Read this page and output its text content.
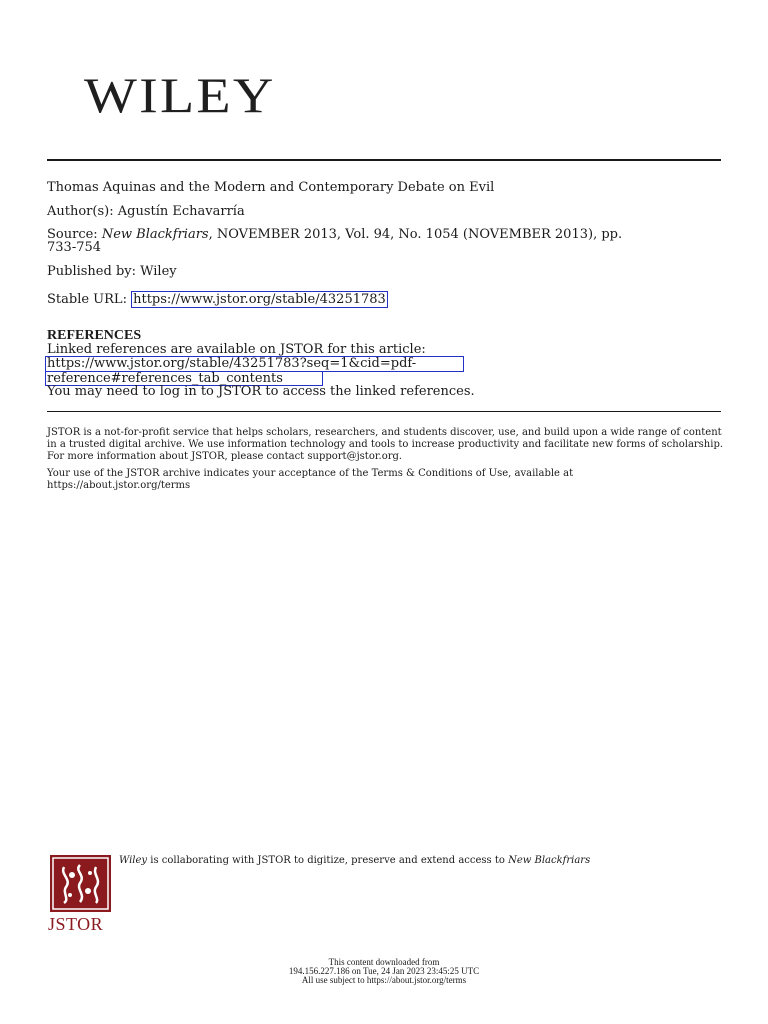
WILEY
Thomas Aquinas and the Modern and Contemporary Debate on Evil
Author(s): Agustín Echavarría
Source: New Blackfriars, NOVEMBER 2013, Vol. 94, No. 1054 (NOVEMBER 2013), pp.
733-754
Published by: Wiley
Stable URL: https://www.jstor.org/stable/43251783
REFERENCES
Linked references are available on JSTOR for this article:
https://www.jstor.org/stable/43251783?seq=1&cid=pdf-
reference#references_tab_contents
You may need to log in to JSTOR to access the linked references.
JSTOR is a not-for-profit service that helps scholars, researchers, and students discover, use, and build upon a wide range of content in a trusted digital archive. We use information technology and tools to increase productivity and facilitate new forms of scholarship. For more information about JSTOR, please contact support@jstor.org.
Your use of the JSTOR archive indicates your acceptance of the Terms & Conditions of Use, available at https://about.jstor.org/terms
JSTOR
Wiley is collaborating with JSTOR to digitize, preserve and extend access to New Blackfriars
This content downloaded from
194.156.227.186 on Tue, 24 Jan 2023 23:45:25 UTC
All use subject to https://about.jstor.org/terms
